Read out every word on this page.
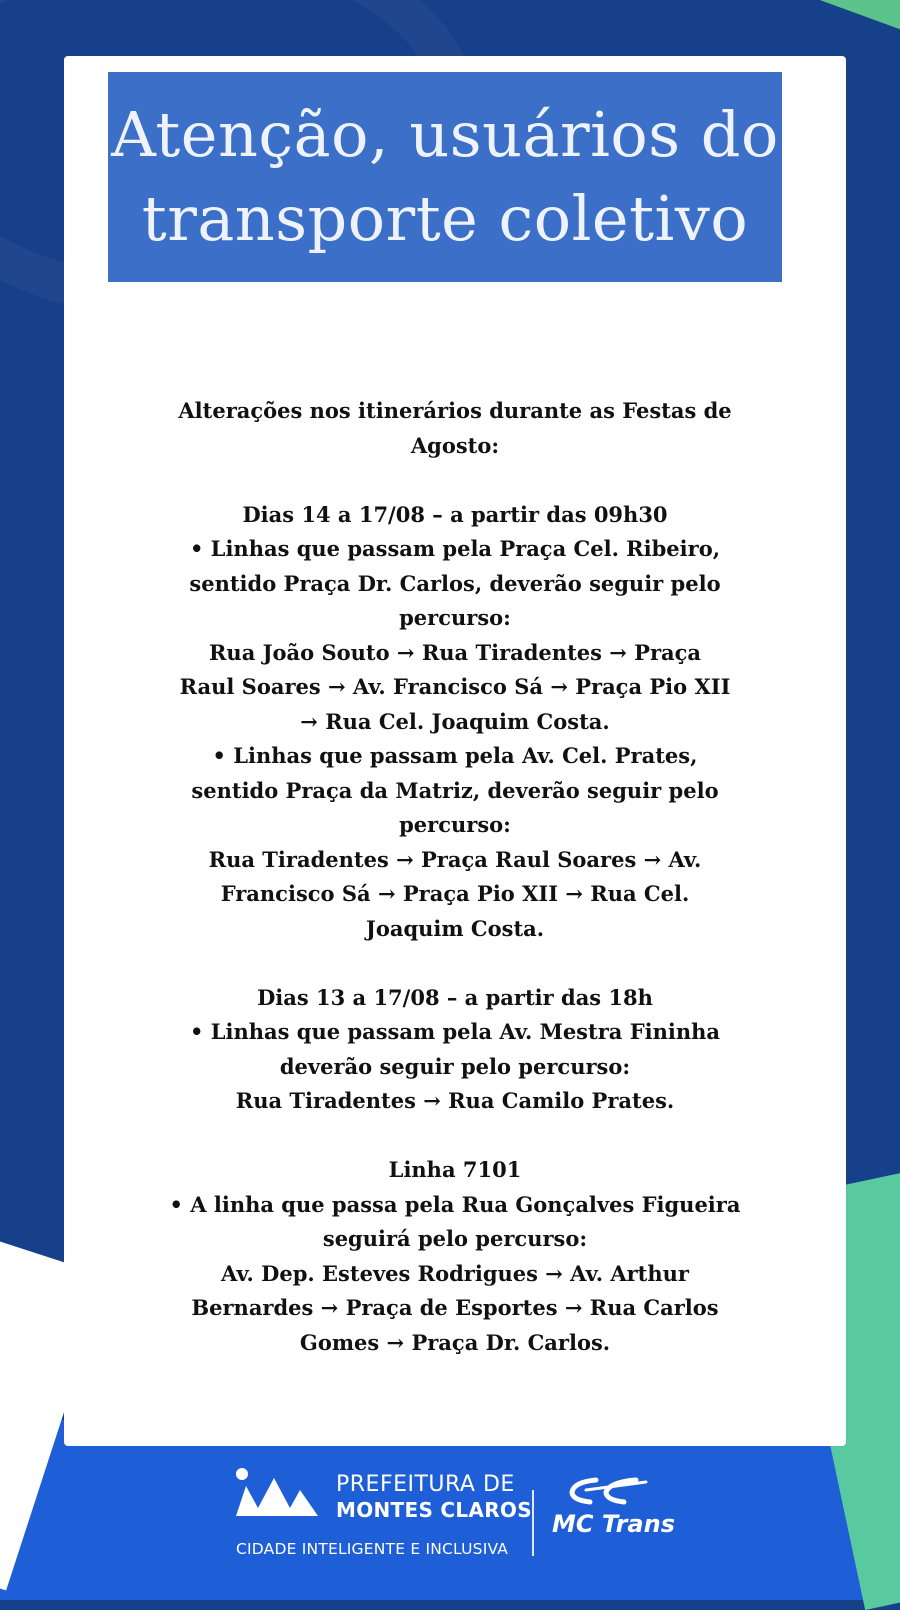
Atenção, usuários do
transporte coletivo

Alterações nos itinerários durante as Festas de

Agosto:

Dias 14 a 17/08 – a partir das 09h30

• Linhas que passam pela Praça Cel. Ribeiro,

sentido Praça Dr. Carlos, deverão seguir pelo

percurso:

Rua João Souto → Rua Tiradentes → Praça

Raul Soares → Av. Francisco Sá → Praça Pio XII

→ Rua Cel. Joaquim Costa.

• Linhas que passam pela Av. Cel. Prates,

sentido Praça da Matriz, deverão seguir pelo

percurso:

Rua Tiradentes → Praça Raul Soares → Av.

Francisco Sá → Praça Pio XII → Rua Cel.

Joaquim Costa.

Dias 13 a 17/08 – a partir das 18h

• Linhas que passam pela Av. Mestra Fininha

deverão seguir pelo percurso:

Rua Tiradentes → Rua Camilo Prates.

Linha 7101

• A linha que passa pela Rua Gonçalves Figueira

seguirá pelo percurso:

Av. Dep. Esteves Rodrigues → Av. Arthur

Bernardes → Praça de Esportes → Rua Carlos

Gomes → Praça Dr. Carlos.

PREFEITURA DE
MONTES CLAROS
CIDADE INTELIGENTE E INCLUSIVA
MC Trans
